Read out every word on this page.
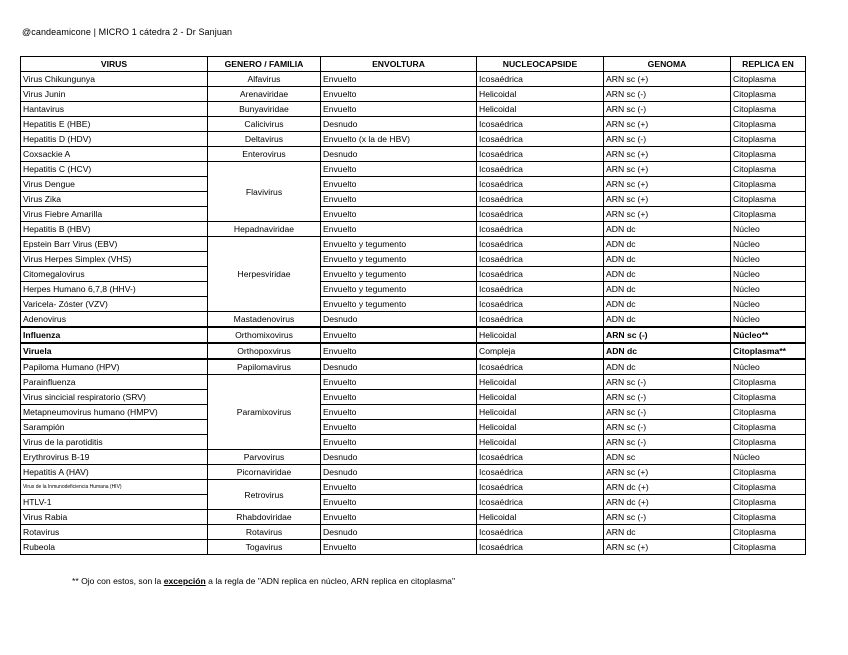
@candeamicone | MICRO 1 cátedra 2 - Dr Sanjuan
VIRUS	GENERO / FAMILIA	ENVOLTURA	NUCLEOCAPSIDE	GENOMA	REPLICA EN
Virus Chikungunya	Alfavirus	Envuelto	Icosaédrica	ARN sc (+)	Citoplasma
Virus Junin	Arenaviridae	Envuelto	Helicoidal	ARN sc (-)	Citoplasma
Hantavirus	Bunyaviridae	Envuelto	Helicoidal	ARN sc (-)	Citoplasma
Hepatitis E (HBE)	Calicivirus	Desnudo	Icosaédrica	ARN sc (+)	Citoplasma
Hepatitis D (HDV)	Deltavirus	Envuelto (x la de HBV)	Icosaédrica	ARN sc (-)	Citoplasma
Coxsackie A	Enterovirus	Desnudo	Icosaédrica	ARN sc (+)	Citoplasma
Hepatitis C (HCV)	Flavivirus	Envuelto	Icosaédrica	ARN sc (+)	Citoplasma
Virus Dengue		Envuelto	Icosaédrica	ARN sc (+)	Citoplasma
Virus Zika		Envuelto	Icosaédrica	ARN sc (+)	Citoplasma
Virus Fiebre Amarilla		Envuelto	Icosaédrica	ARN sc (+)	Citoplasma
Hepatitis B (HBV)	Hepadnaviridae	Envuelto	Icosaédrica	ADN dc	Núcleo
Epstein Barr Virus (EBV)	Herpesviridae	Envuelto y tegumento	Icosaédrica	ADN dc	Núcleo
Virus Herpes Simplex (VHS)		Envuelto y tegumento	Icosaédrica	ADN dc	Núcleo
Citomegalovirus		Envuelto y tegumento	Icosaédrica	ADN dc	Núcleo
Herpes Humano 6,7,8 (HHV-)		Envuelto y tegumento	Icosaédrica	ADN dc	Núcleo
Varicela- Zóster (VZV)		Envuelto y tegumento	Icosaédrica	ADN dc	Núcleo
Adenovirus	Mastadenovirus	Desnudo	Icosaédrica	ADN dc	Núcleo
Influenza	Orthomixovirus	Envuelto	Helicoidal	ARN sc (-)	Núcleo**
Viruela	Orthopoxvirus	Envuelto	Compleja	ADN dc	Citoplasma**
Papiloma Humano (HPV)	Papilomavirus	Desnudo	Icosaédrica	ADN dc	Núcleo
Parainfluenza	Paramixovirus	Envuelto	Helicoidal	ARN sc (-)	Citoplasma
Virus sincicial respiratorio (SRV)		Envuelto	Helicoidal	ARN sc (-)	Citoplasma
Metapneumovirus humano (HMPV)		Envuelto	Helicoidal	ARN sc (-)	Citoplasma
Sarampión		Envuelto	Helicoidal	ARN sc (-)	Citoplasma
Virus de la parotiditis		Envuelto	Helicoidal	ARN sc (-)	Citoplasma
Erythrovirus B-19	Parvovirus	Desnudo	Icosaédrica	ADN sc	Núcleo
Hepatitis A (HAV)	Picornaviridae	Desnudo	Icosaédrica	ARN sc (+)	Citoplasma
Virus de la Inmunodeficiencia Humana (HIV)	Retrovirus	Envuelto	Icosaédrica	ARN dc (+)	Citoplasma
HTLV-1		Envuelto	Icosaédrica	ARN dc (+)	Citoplasma
Virus Rabia	Rhabdoviridae	Envuelto	Helicoidal	ARN sc (-)	Citoplasma
Rotavirus	Rotavirus	Desnudo	Icosaédrica	ARN dc	Citoplasma
Rubeola	Togavirus	Envuelto	Icosaédrica	ARN sc (+)	Citoplasma
** Ojo con estos, son la excepción a la regla de "ADN replica en núcleo, ARN replica en citoplasma"
